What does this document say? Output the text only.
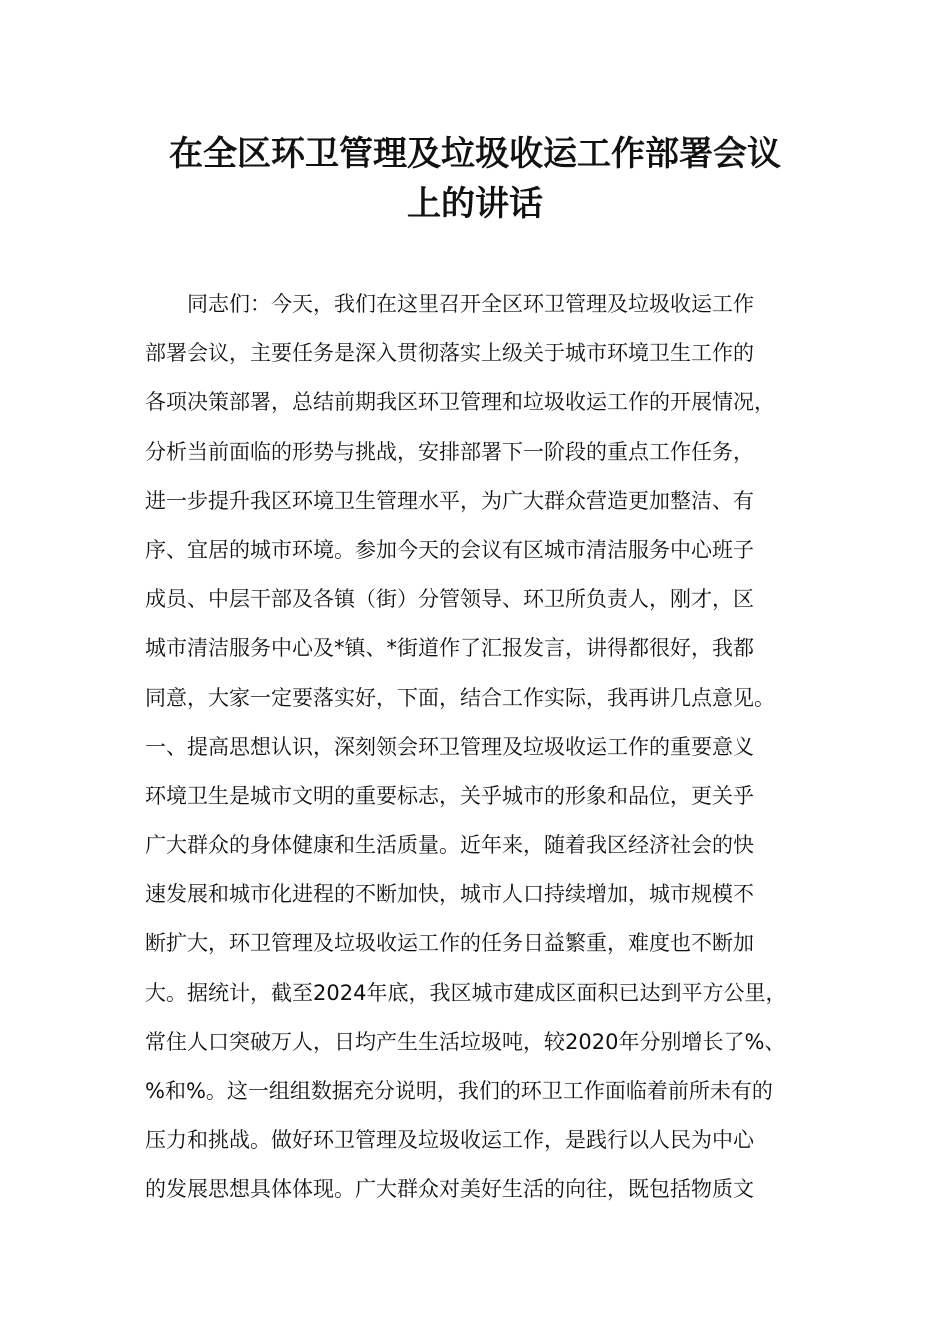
在全区环卫管理及垃圾收运工作部署会议
上的讲话
　　同志们：今天，我们在这里召开全区环卫管理及垃圾收运工作
部署会议，主要任务是深入贯彻落实上级关于城市环境卫生工作的
各项决策部署，总结前期我区环卫管理和垃圾收运工作的开展情况，
分析当前面临的形势与挑战，安排部署下一阶段的重点工作任务，
进一步提升我区环境卫生管理水平，为广大群众营造更加整洁、有
序、宜居的城市环境。参加今天的会议有区城市清洁服务中心班子
成员、中层干部及各镇（街）分管领导、环卫所负责人，刚才，区
城市清洁服务中心及*镇、*街道作了汇报发言，讲得都很好，我都
同意，大家一定要落实好，下面，结合工作实际，我再讲几点意见。
一、提高思想认识，深刻领会环卫管理及垃圾收运工作的重要意义
环境卫生是城市文明的重要标志，关乎城市的形象和品位，更关乎
广大群众的身体健康和生活质量。近年来，随着我区经济社会的快
速发展和城市化进程的不断加快，城市人口持续增加，城市规模不
断扩大，环卫管理及垃圾收运工作的任务日益繁重，难度也不断加
大。据统计，截至2024年底，我区城市建成区面积已达到平方公里，
常住人口突破万人，日均产生生活垃圾吨，较2020年分别增长了%、
%和%。这一组组数据充分说明，我们的环卫工作面临着前所未有的
压力和挑战。做好环卫管理及垃圾收运工作，是践行以人民为中心
的发展思想具体体现。广大群众对美好生活的向往，既包括物质文
